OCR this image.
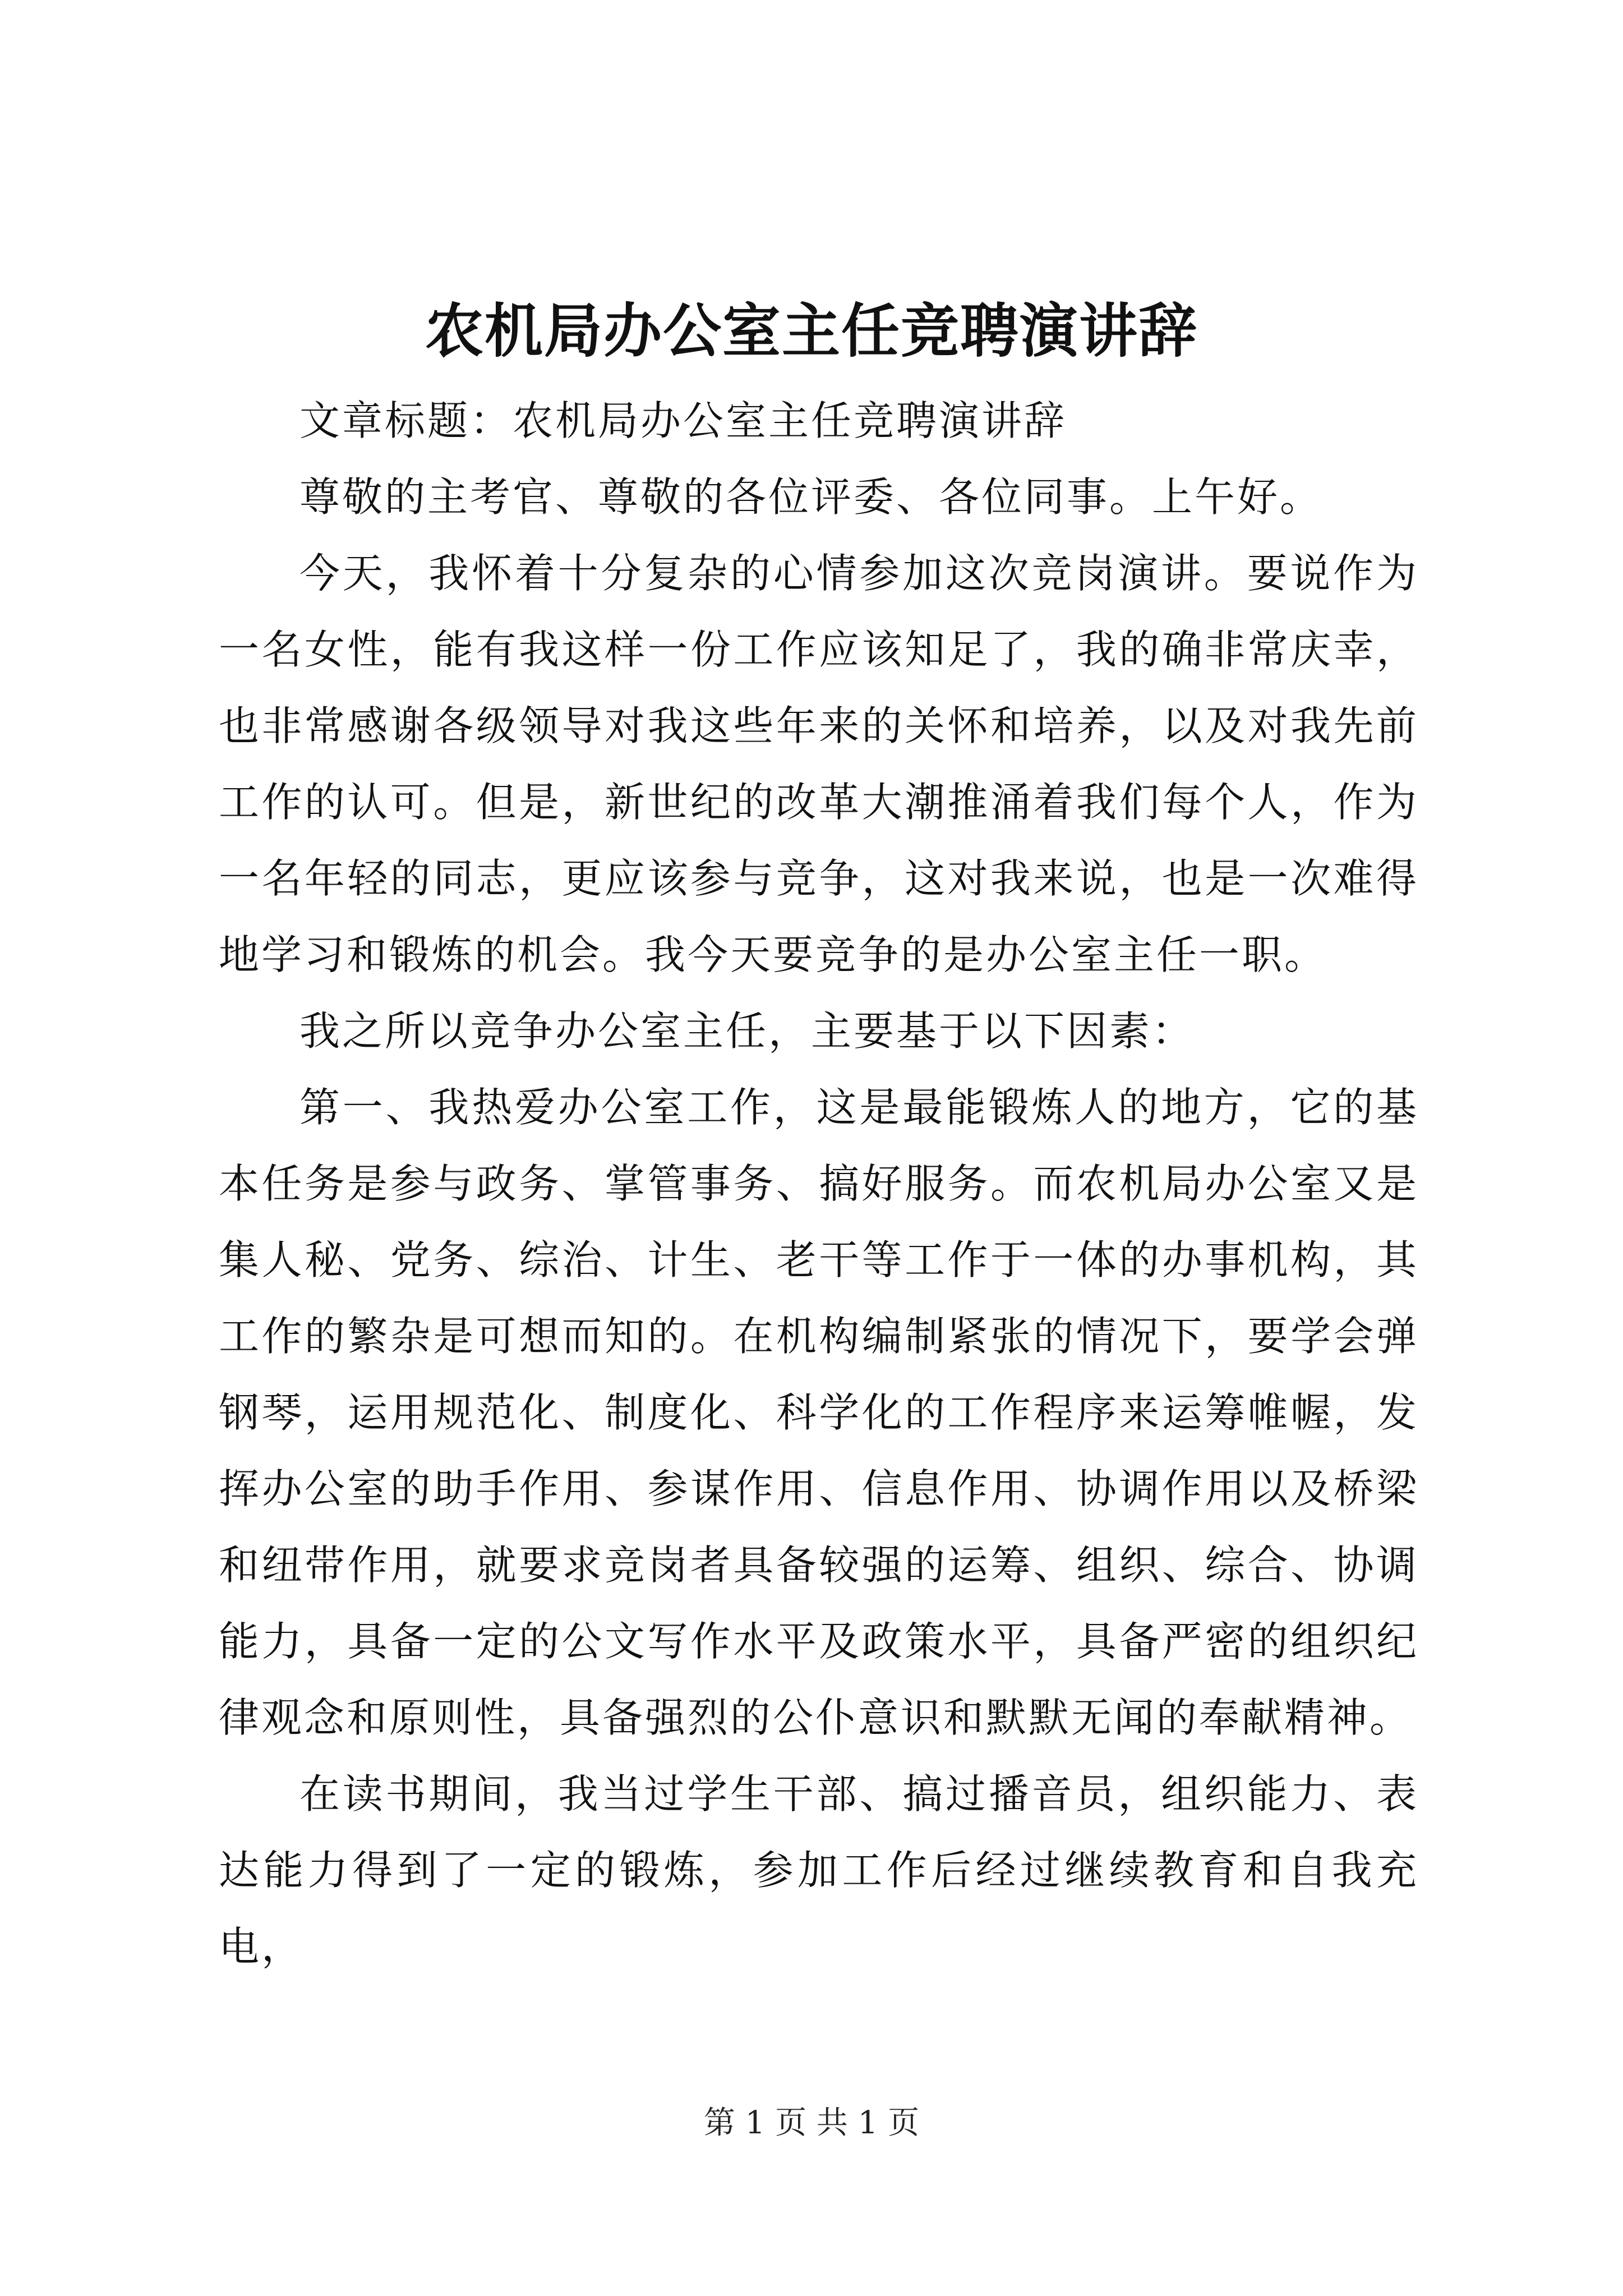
农机局办公室主任竞聘演讲辞

文章标题：农机局办公室主任竞聘演讲辞

尊敬的主考官、尊敬的各位评委、各位同事。上午好。

今天，我怀着十分复杂的心情参加这次竞岗演讲。要说作为一名女性，能有我这样一份工作应该知足了，我的确非常庆幸，也非常感谢各级领导对我这些年来的关怀和培养，以及对我先前工作的认可。但是，新世纪的改革大潮推涌着我们每个人，作为一名年轻的同志，更应该参与竞争，这对我来说，也是一次难得地学习和锻炼的机会。我今天要竞争的是办公室主任一职。

我之所以竞争办公室主任，主要基于以下因素：

第一、我热爱办公室工作，这是最能锻炼人的地方，它的基本任务是参与政务、掌管事务、搞好服务。而农机局办公室又是集人秘、党务、综治、计生、老干等工作于一体的办事机构，其工作的繁杂是可想而知的。在机构编制紧张的情况下，要学会弹钢琴，运用规范化、制度化、科学化的工作程序来运筹帷幄，发挥办公室的助手作用、参谋作用、信息作用、协调作用以及桥梁和纽带作用，就要求竞岗者具备较强的运筹、组织、综合、协调能力，具备一定的公文写作水平及政策水平，具备严密的组织纪律观念和原则性，具备强烈的公仆意识和默默无闻的奉献精神。

在读书期间，我当过学生干部、搞过播音员，组织能力、表达能力得到了一定的锻炼，参加工作后经过继续教育和自我充电，

第 1 页 共 1 页
